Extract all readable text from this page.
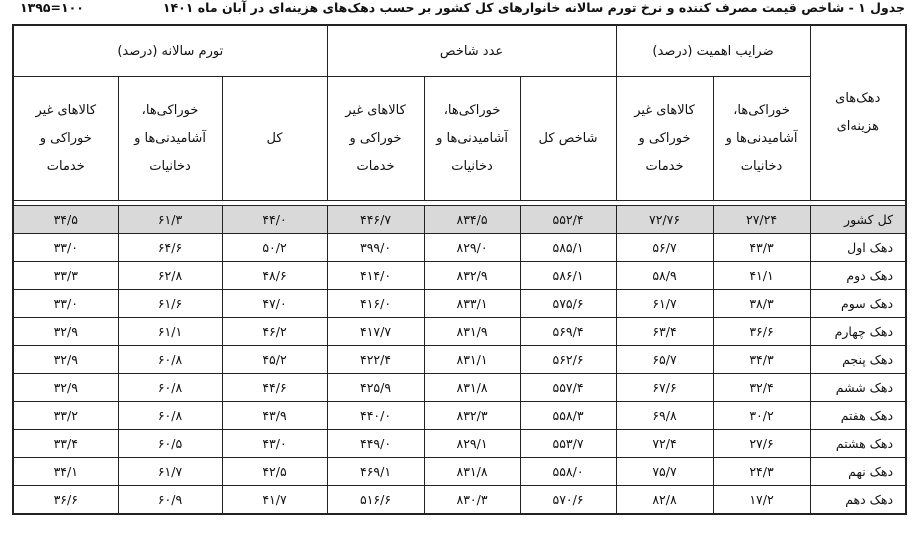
جدول ۱ - شاخص قیمت مصرف کننده و نرخ تورم سالانه خانوارهای کل کشور بر حسب دهک‌های هزینه‌ای در آبان ماه ۱۴۰۱
۱۳۹۵=۱۰۰
دهک‌های هزینه‌ای	ضرایب اهمیت (درصد)		عدد شاخص			تورم سالانه (درصد)		

	خوراکی‌ها، آشامیدنی‌ها و دخانیات	کالاهای غیر خوراکی و خدمات	شاخص کل	خوراکی‌ها، آشامیدنی‌ها و دخانیات	کالاهای غیر خوراکی و خدمات	کل	خوراکی‌ها، آشامیدنی‌ها و دخانیات	کالاهای غیر خوراکی و خدمات

کل کشور	۲۷/۲۴	۷۲/۷۶	۵۵۲/۴	۸۳۴/۵	۴۴۶/۷	۴۴/۰	۶۱/۳	۳۴/۵
دهک اول	۴۳/۳	۵۶/۷	۵۸۵/۱	۸۲۹/۰	۳۹۹/۰	۵۰/۲	۶۴/۶	۳۳/۰
دهک دوم	۴۱/۱	۵۸/۹	۵۸۶/۱	۸۳۲/۹	۴۱۴/۰	۴۸/۶	۶۲/۸	۳۳/۳
دهک سوم	۳۸/۳	۶۱/۷	۵۷۵/۶	۸۳۳/۱	۴۱۶/۰	۴۷/۰	۶۱/۶	۳۳/۰
دهک چهارم	۳۶/۶	۶۳/۴	۵۶۹/۴	۸۳۱/۹	۴۱۷/۷	۴۶/۲	۶۱/۱	۳۲/۹
دهک پنجم	۳۴/۳	۶۵/۷	۵۶۲/۶	۸۳۱/۱	۴۲۲/۴	۴۵/۲	۶۰/۸	۳۲/۹
دهک ششم	۳۲/۴	۶۷/۶	۵۵۷/۴	۸۳۱/۸	۴۲۵/۹	۴۴/۶	۶۰/۸	۳۲/۹
دهک هفتم	۳۰/۲	۶۹/۸	۵۵۸/۳	۸۳۲/۳	۴۴۰/۰	۴۳/۹	۶۰/۸	۳۳/۲
دهک هشتم	۲۷/۶	۷۲/۴	۵۵۳/۷	۸۲۹/۱	۴۴۹/۰	۴۳/۰	۶۰/۵	۳۳/۴
دهک نهم	۲۴/۳	۷۵/۷	۵۵۸/۰	۸۳۱/۸	۴۶۹/۱	۴۲/۵	۶۱/۷	۳۴/۱
دهک دهم	۱۷/۲	۸۲/۸	۵۷۰/۶	۸۳۰/۳	۵۱۶/۶	۴۱/۷	۶۰/۹	۳۶/۶
